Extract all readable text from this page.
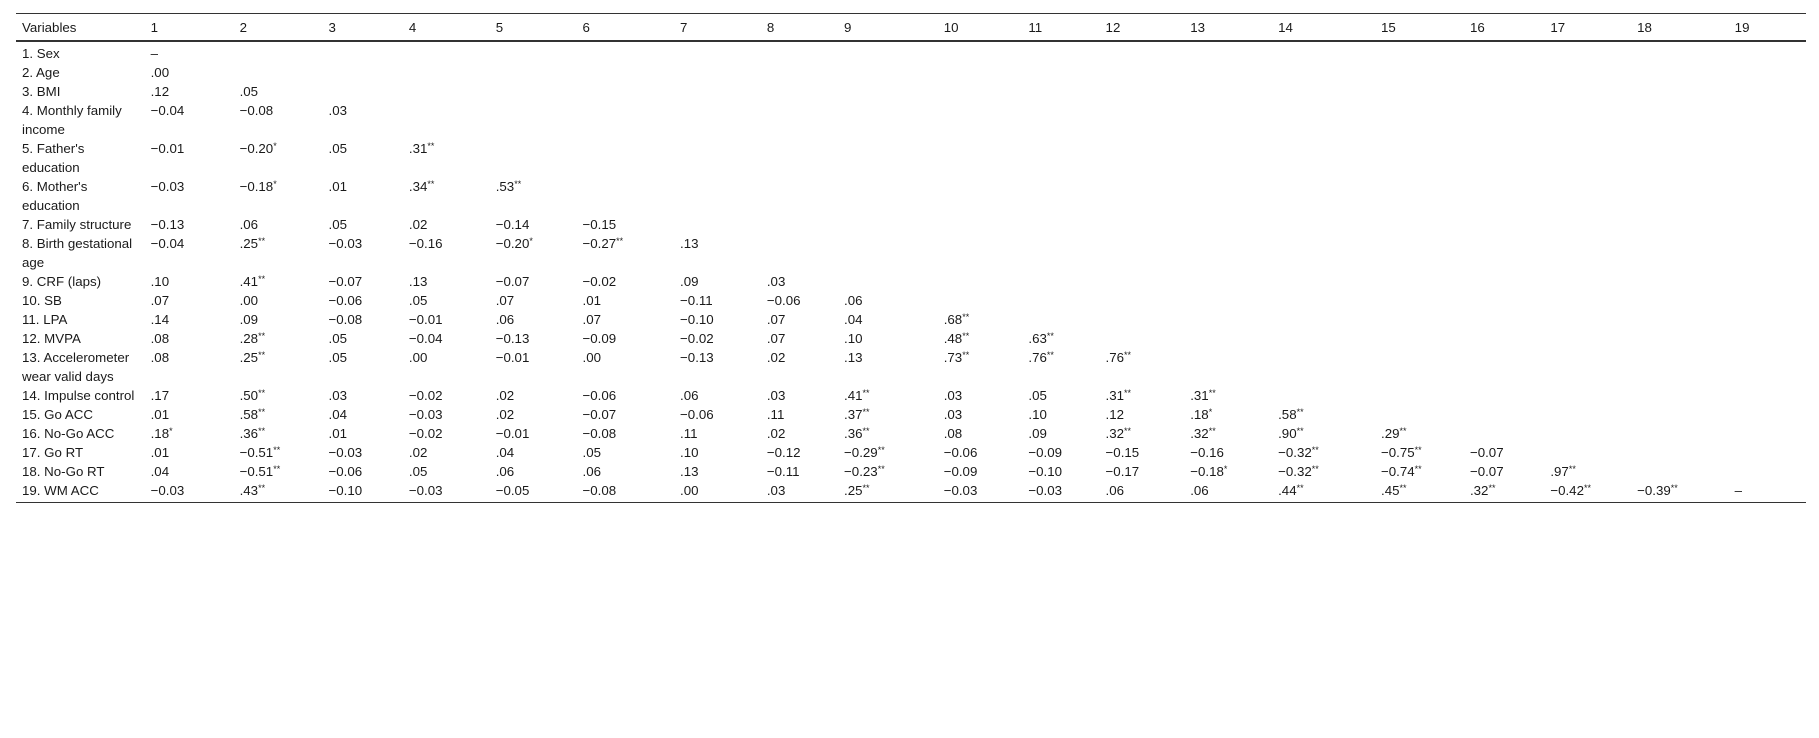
Variables	1	2	3	4	5	6	7	8	9	10	11	12	13	14	15	16	17	18	19
1. Sex	–																		
2. Age	.00																		
3. BMI	.12	.05																	
4. Monthly family income	−0.04	−0.08	.03																
5. Father's education	−0.01	−0.20*	.05	.31**															
6. Mother's education	−0.03	−0.18*	.01	.34**	.53**														
7. Family structure	−0.13	.06	.05	.02	−0.14	−0.15													
8. Birth gestational age	−0.04	.25**	−0.03	−0.16	−0.20*	−0.27**	.13												
9. CRF (laps)	.10	.41**	−0.07	.13	−0.07	−0.02	.09	.03											
10. SB	.07	.00	−0.06	.05	.07	.01	−0.11	−0.06	.06										
11. LPA	.14	.09	−0.08	−0.01	.06	.07	−0.10	.07	.04	.68**									
12. MVPA	.08	.28**	.05	−0.04	−0.13	−0.09	−0.02	.07	.10	.48**	.63**								
13. Accelerometer wear valid days	.08	.25**	.05	.00	−0.01	.00	−0.13	.02	.13	.73**	.76**	.76**							
14. Impulse control	.17	.50**	.03	−0.02	.02	−0.06	.06	.03	.41**	.03	.05	.31**	.31**						
15. Go ACC	.01	.58**	.04	−0.03	.02	−0.07	−0.06	.11	.37**	.03	.10	.12	.18*	.58**					
16. No-Go ACC	.18*	.36**	.01	−0.02	−0.01	−0.08	.11	.02	.36**	.08	.09	.32**	.32**	.90**	.29**				
17. Go RT	.01	−0.51**	−0.03	.02	.04	.05	.10	−0.12	−0.29**	−0.06	−0.09	−0.15	−0.16	−0.32**	−0.75**	−0.07			
18. No-Go RT	.04	−0.51**	−0.06	.05	.06	.06	.13	−0.11	−0.23**	−0.09	−0.10	−0.17	−0.18*	−0.32**	−0.74**	−0.07	.97**		
19. WM ACC	−0.03	.43**	−0.10	−0.03	−0.05	−0.08	.00	.03	.25**	−0.03	−0.03	.06	.06	.44**	.45**	.32**	−0.42**	−0.39**	–
